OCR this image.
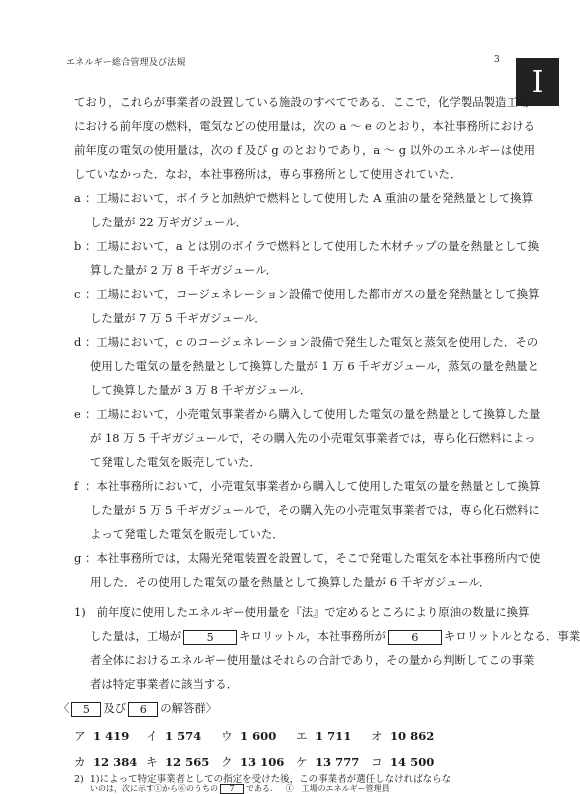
エネルギー総合管理及び法規	3
I
ており，これらが事業者の設置している施設のすべてである．ここで，化学製品製造工場
における前年度の燃料，電気などの使用量は，次の a 〜 e のとおり，本社事務所における
前年度の電気の使用量は，次の f 及び g のとおりであり，a 〜 g 以外のエネルギーは使用
していなかった．なお，本社事務所は，専ら事務所として使用されていた．
a ：工場において，ボイラと加熱炉で燃料として使用した A 重油の量を発熱量として換算
した量が 22 万ギガジュール．
b ：工場において，a とは別のボイラで燃料として使用した木材チップの量を熱量として換
算した量が 2 万 8 千ギガジュール．
c ：工場において，コージェネレーション設備で使用した都市ガスの量を発熱量として換算
した量が 7 万 5 千ギガジュール．
d ：工場において，c のコージェネレーション設備で発生した電気と蒸気を使用した．その
使用した電気の量を熱量として換算した量が 1 万 6 千ギガジュール，蒸気の量を熱量と
して換算した量が 3 万 8 千ギガジュール．
e ：工場において，小売電気事業者から購入して使用した電気の量を熱量として換算した量
が 18 万 5 千ギガジュールで，その購入先の小売電気事業者では，専ら化石燃料によっ
て発電した電気を販売していた．
f ：本社事務所において，小売電気事業者から購入して使用した電気の量を熱量として換算
した量が 5 万 5 千ギガジュールで，その購入先の小売電気事業者では，専ら化石燃料に
よって発電した電気を販売していた．
g ：本社事務所では，太陽光発電装置を設置して，そこで発電した電気を本社事務所内で使
用した．その使用した電気の量を熱量として換算した量が 6 千ギガジュール．
1) 前年度に使用したエネルギー使用量を『法』で定めるところにより原油の数量に換算
した量は，工場が 5 キロリットル，本社事務所が 6 キロリットルとなる．事業
者全体におけるエネルギー使用量はそれらの合計であり，その量から判断してこの事業
者は特定事業者に該当する．
〈 5 及び 6 の解答群〉
ア 1 419 イ 1 574 ウ 1 600 エ 1 711 オ 10 862
カ 12 384 キ 12 565 ク 13 106 ケ 13 777 コ 14 500
2) 1)によって特定事業者としての指定を受けた後，この事業者が選任しなければならな
いのは，次に示す①から⑥のうちの 7 である． ①　工場のエネルギー管理員
